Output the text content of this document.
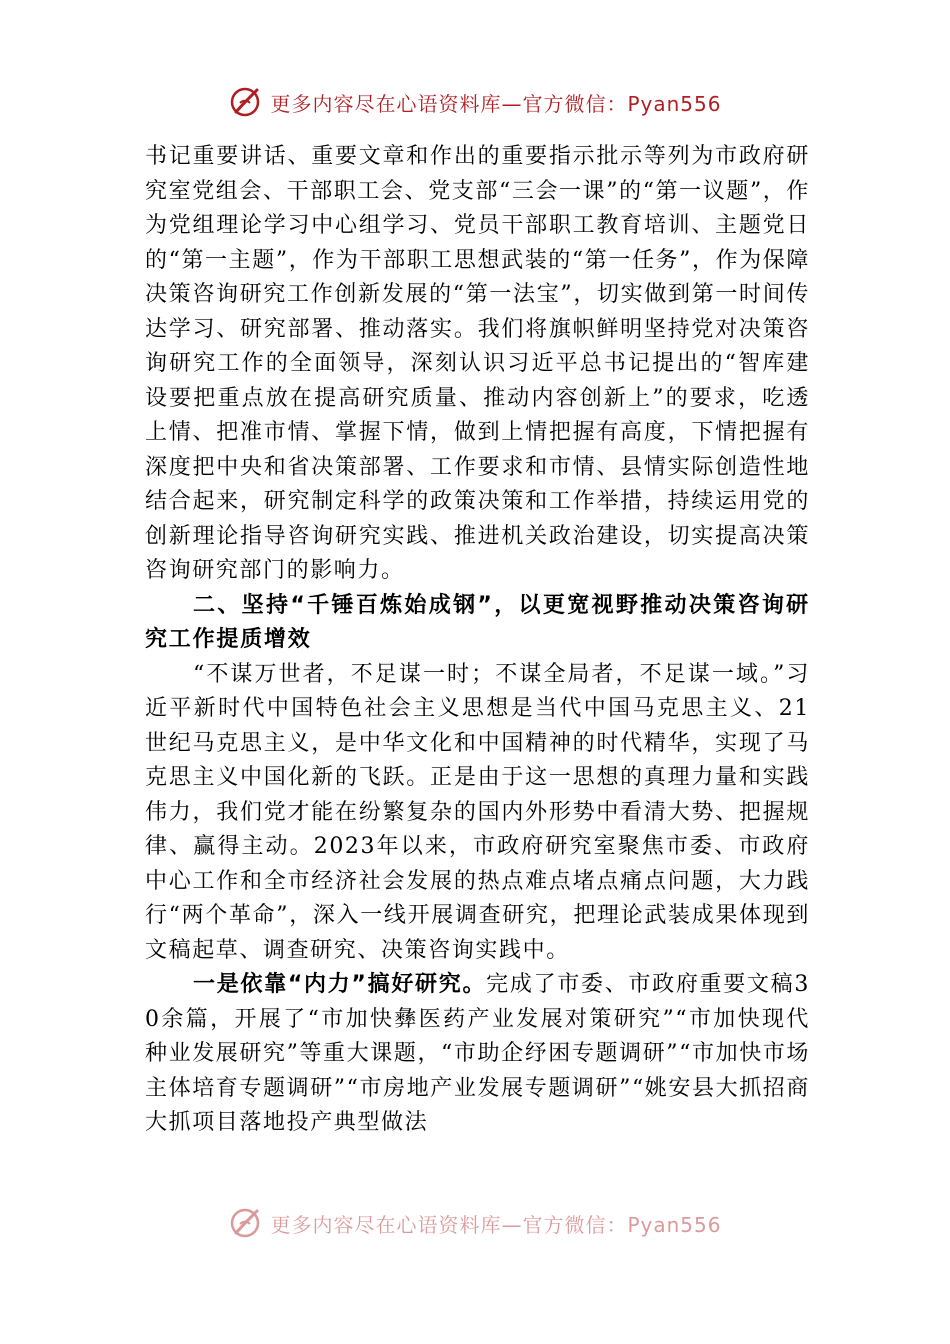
更多内容尽在心语资料库—官方微信：Pyan556

书记重要讲话、重要文章和作出的重要指示批示等列为市政府研究室党组会、干部职工会、党支部“三会一课”的“第一议题”，作为党组理论学习中心组学习、党员干部职工教育培训、主题党日的“第一主题”，作为干部职工思想武装的“第一任务”，作为保障决策咨询研究工作创新发展的“第一法宝”，切实做到第一时间传达学习、研究部署、推动落实。我们将旗帜鲜明坚持党对决策咨询研究工作的全面领导，深刻认识习近平总书记提出的“智库建设要把重点放在提高研究质量、推动内容创新上”的要求，吃透上情、把准市情、掌握下情，做到上情把握有高度，下情把握有深度把中央和省决策部署、工作要求和市情、县情实际创造性地结合起来，研究制定科学的政策决策和工作举措，持续运用党的创新理论指导咨询研究实践、推进机关政治建设，切实提高决策咨询研究部门的影响力。

二、坚持“千锤百炼始成钢”，以更宽视野推动决策咨询研究工作提质增效

“不谋万世者，不足谋一时；不谋全局者，不足谋一域。”习近平新时代中国特色社会主义思想是当代中国马克思主义、21世纪马克思主义，是中华文化和中国精神的时代精华，实现了马克思主义中国化新的飞跃。正是由于这一思想的真理力量和实践伟力，我们党才能在纷繁复杂的国内外形势中看清大势、把握规律、赢得主动。2023年以来，市政府研究室聚焦市委、市政府中心工作和全市经济社会发展的热点难点堵点痛点问题，大力践行“两个革命”，深入一线开展调查研究，把理论武装成果体现到文稿起草、调查研究、决策咨询实践中。

一是依靠“内力”搞好研究。完成了市委、市政府重要文稿30余篇，开展了“市加快彝医药产业发展对策研究”“市加快现代种业发展研究”等重大课题，“市助企纾困专题调研”“市加快市场主体培育专题调研”“市房地产业发展专题调研”“姚安县大抓招商大抓项目落地投产典型做法

更多内容尽在心语资料库—官方微信：Pyan556
